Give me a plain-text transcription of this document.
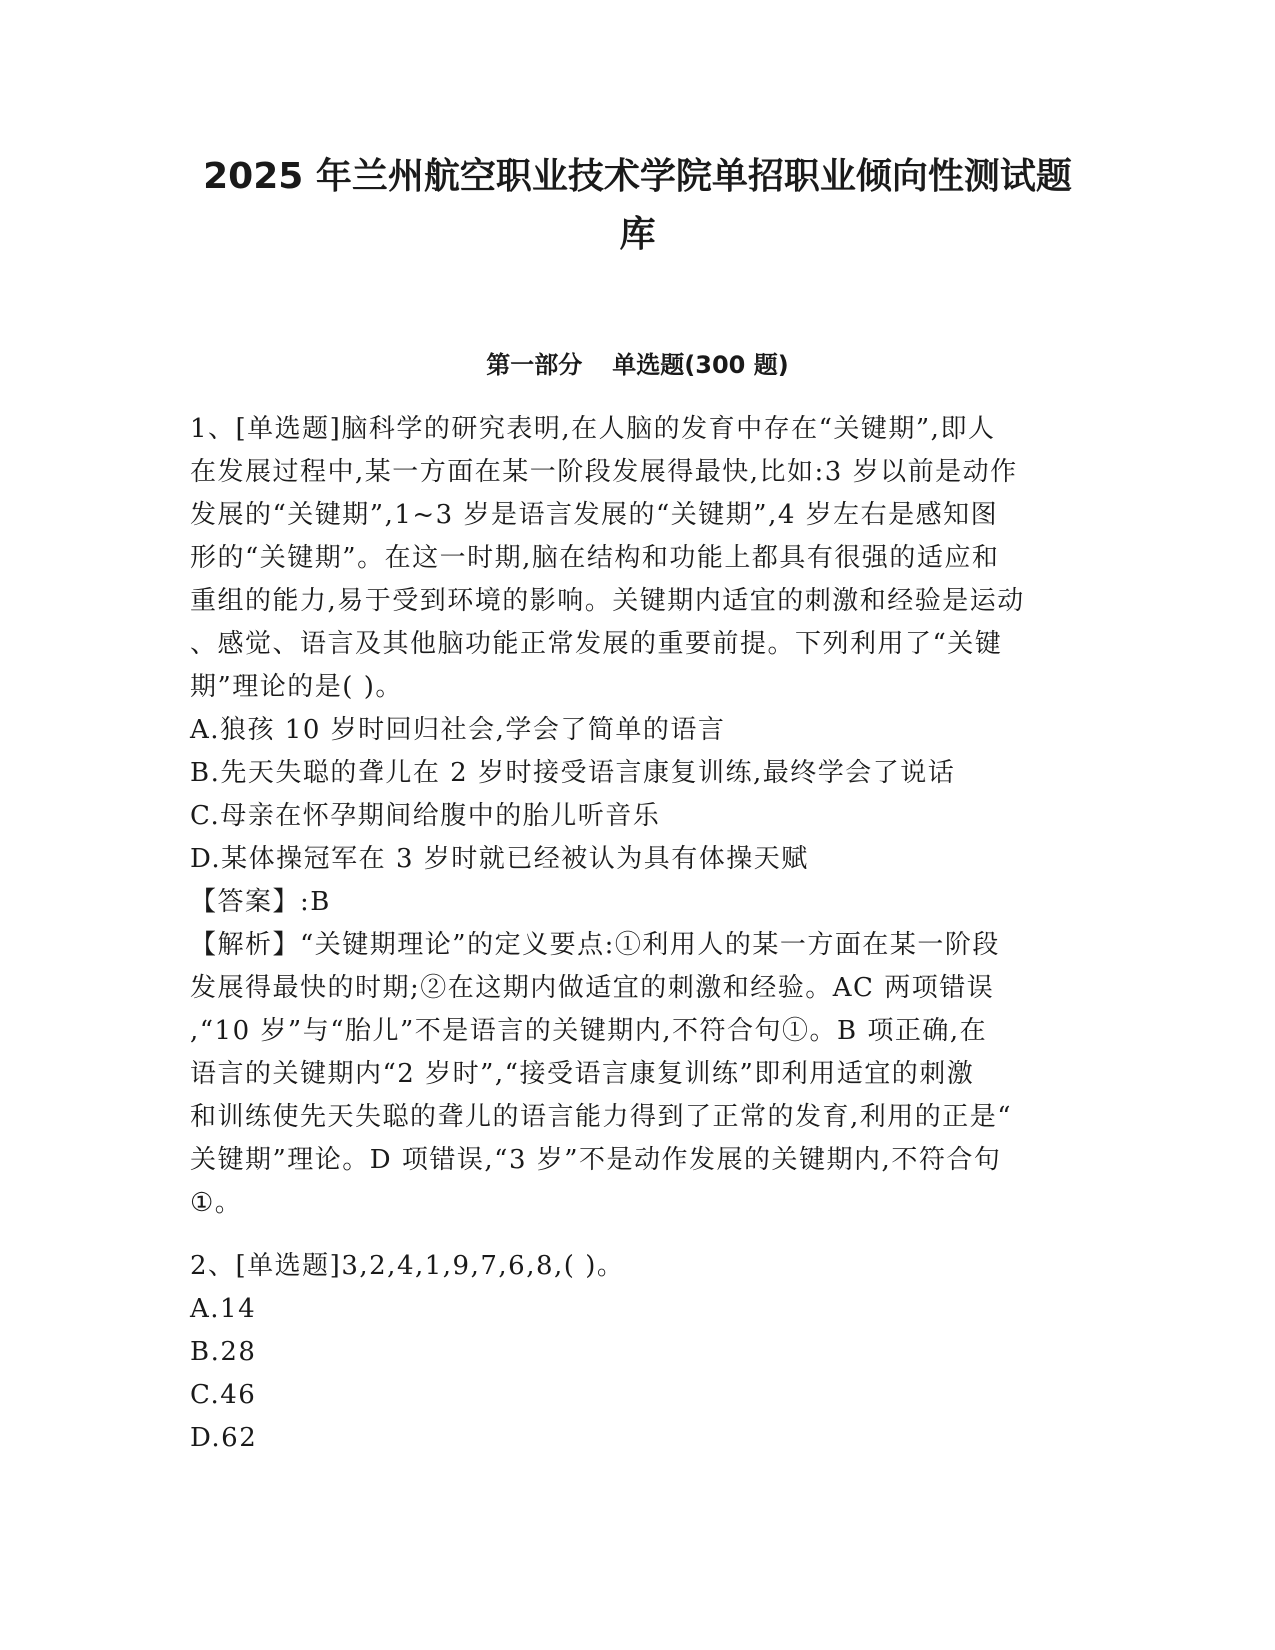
2025 年兰州航空职业技术学院单招职业倾向性测试题
库
第一部分 单选题(300 题)
1、[单选题]脑科学的研究表明,在人脑的发育中存在“关键期”,即人
在发展过程中,某一方面在某一阶段发展得最快,比如:3 岁以前是动作
发展的“关键期”,1~3 岁是语言发展的“关键期”,4 岁左右是感知图
形的“关键期”。在这一时期,脑在结构和功能上都具有很强的适应和
重组的能力,易于受到环境的影响。关键期内适宜的刺激和经验是运动
、感觉、语言及其他脑功能正常发展的重要前提。下列利用了“关键
期”理论的是( )。
A.狼孩 10 岁时回归社会,学会了简单的语言
B.先天失聪的聋儿在 2 岁时接受语言康复训练,最终学会了说话
C.母亲在怀孕期间给腹中的胎儿听音乐
D.某体操冠军在 3 岁时就已经被认为具有体操天赋
【答案】:B
【解析】“关键期理论”的定义要点:①利用人的某一方面在某一阶段
发展得最快的时期;②在这期内做适宜的刺激和经验。AC 两项错误
,“10 岁”与“胎儿”不是语言的关键期内,不符合句①。B 项正确,在
语言的关键期内“2 岁时”,“接受语言康复训练”即利用适宜的刺激
和训练使先天失聪的聋儿的语言能力得到了正常的发育,利用的正是“
关键期”理论。D 项错误,“3 岁”不是动作发展的关键期内,不符合句
①。
2、[单选题]3,2,4,1,9,7,6,8,( )。
A.14
B.28
C.46
D.62
